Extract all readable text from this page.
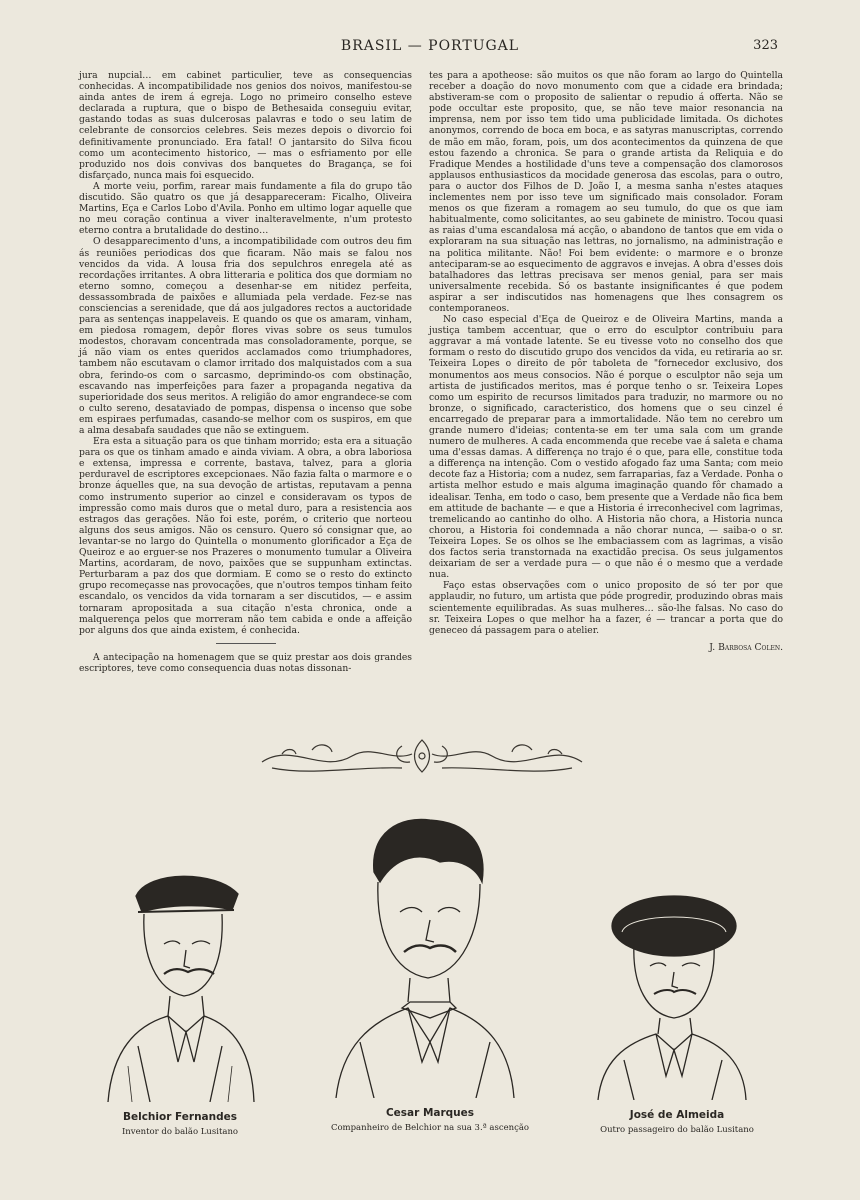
BRASIL — PORTUGAL	323

jura nupcial… em cabinet particulier, teve as consequencias conhecidas. A incompatibilidade nos genios dos noivos, manifestou-se ainda antes de irem á egreja. Logo no primeiro conselho esteve declarada a ruptura, que o bispo de Bethesaida conseguiu evitar, gastando todas as suas dulcerosas palavras e todo o seu latim de celebrante de consorcios celebres. Seis mezes depois o divorcio foi definitivamente pronunciado. Era fatal! O jantarsito do Silva ficou como um acontecimento historico, — mas o esfriamento por elle produzido nos dois convivas dos banquetes do Bragança, se foi disfarçado, nunca mais foi esquecido.

A morte veiu, porfim, rarear mais fundamente a fila do grupo tão discutido. São quatro os que já desappareceram: Ficalho, Oliveira Martins, Eça e Carlos Lobo d'Avila. Ponho em ultimo logar aquelle que no meu coração continua a viver inalteravelmente, n'um protesto eterno contra a brutalidade do destino…

O desapparecimento d'uns, a incompatibilidade com outros deu fim ás reuniões periodicas dos que ficaram. Não mais se falou nos vencidos da vida. A lousa fria dos sepulchros enregela até as recordações irritantes. A obra litteraria e politica dos que dormiam no eterno somno, começou a desenhar-se em nitidez perfeita, dessassombrada de paixões e allumiada pela verdade. Fez-se nas consciencias a serenidade, que dá aos julgadores rectos a auctoridade para as sentenças inappelaveis. E quando os que os amaram, vinham, em piedosa romagem, depôr flores vivas sobre os seus tumulos modestos, choravam concentrada mas consoladoramente, porque, se já não viam os entes queridos acclamados como triumphadores, tambem não escutavam o clamor irritado dos malquistados com a sua obra, ferindo-os com o sarcasmo, deprimindo-os com obstinação, escavando nas imperfeições para fazer a propaganda negativa da superioridade dos seus meritos. A religião do amor engrandece-se com o culto sereno, desataviado de pompas, dispensa o incenso que sobe em espiraes perfumadas, casando-se melhor com os suspiros, em que a alma desabafa saudades que não se extinguem.

Era esta a situação para os que tinham morrido; esta era a situação para os que os tinham amado e ainda viviam. A obra, a obra laboriosa e extensa, impressa e corrente, bastava, talvez, para a gloria perduravel de escriptores excepcionaes. Não fazia falta o marmore e o bronze áquelles que, na sua devoção de artistas, reputavam a penna como instrumento superior ao cinzel e consideravam os typos de impressão como mais duros que o metal duro, para a resistencia aos estragos das gerações. Não foi este, porém, o criterio que norteou alguns dos seus amigos. Não os censuro. Quero só consignar que, ao levantar-se no largo do Quintella o monumento glorificador a Eça de Queiroz e ao erguer-se nos Prazeres o monumento tumular a Oliveira Martins, acordaram, de novo, paixões que se suppunham extinctas. Perturbaram a paz dos que dormiam. E como se o resto do extincto grupo recomeçasse nas provocações, que n'outros tempos tinham feito escandalo, os vencidos da vida tornaram a ser discutidos, — e assim tornaram apropositada a sua citação n'esta chronica, onde a malquerença pelos que morreram não tem cabida e onde a affeição por alguns dos que ainda existem, é conhecida.

A antecipação na homenagem que se quiz prestar aos dois grandes escriptores, teve como consequencia duas notas dissonan-

tes para a apotheose: são muitos os que não foram ao largo do Quintella receber a doação do novo monumento com que a cidade era brindada; abstiveram-se com o proposito de salientar o repudio á offerta. Não se pode occultar este proposito, que, se não teve maior resonancia na imprensa, nem por isso tem tido uma publicidade limitada. Os dichotes anonymos, correndo de boca em boca, e as satyras manuscriptas, correndo de mão em mão, foram, pois, um dos acontecimentos da quinzena de que estou fazendo a chronica. Se para o grande artista da Reliquia e do Fradique Mendes a hostilidade d'uns teve a compensação dos clamorosos applausos enthusiasticos da mocidade generosa das escolas, para o outro, para o auctor dos Filhos de D. João I, a mesma sanha n'estes ataques inclementes nem por isso teve um significado mais consolador. Foram menos os que fizeram a romagem ao seu tumulo, do que os que iam habitualmente, como solicitantes, ao seu gabinete de ministro. Tocou quasi as raias d'uma escandalosa má acção, o abandono de tantos que em vida o exploraram na sua situação nas lettras, no jornalismo, na administração e na politica militante. Não! Foi bem evidente: o marmore e o bronze anteciparam-se ao esquecimento de aggravos e invejas. A obra d'esses dois batalhadores das lettras precisava ser menos genial, para ser mais universalmente recebida. Só os bastante insignificantes é que podem aspirar a ser indiscutidos nas homenagens que lhes consagrem os contemporaneos.

No caso especial d'Eça de Queiroz e de Oliveira Martins, manda a justiça tambem accentuar, que o erro do esculptor contribuiu para aggravar a má vontade latente. Se eu tivesse voto no conselho dos que formam o resto do discutido grupo dos vencidos da vida, eu retiraria ao sr. Teixeira Lopes o direito de pôr taboleta de "fornecedor exclusivo, dos monumentos aos meus consocios. Não é porque o esculptor não seja um artista de justificados meritos, mas é porque tenho o sr. Teixeira Lopes como um espirito de recursos limitados para traduzir, no marmore ou no bronze, o significado, caracteristico, dos homens que o seu cinzel é encarregado de preparar para a immortalidade. Não tem no cerebro um grande numero d'ideias; contenta-se em ter uma sala com um grande numero de mulheres. A cada encommenda que recebe vae á saleta e chama uma d'essas damas. A differença no trajo é o que, para elle, constitue toda a differença na intenção. Com o vestido afogado faz uma Santa; com meio decote faz a Historia; com a nudez, sem farraparias, faz a Verdade. Ponha o artista melhor estudo e mais alguma imaginação quando fôr chamado a idealisar. Tenha, em todo o caso, bem presente que a Verdade não fica bem em attitude de bachante — e que a Historia é irreconhecivel com lagrimas, tremelicando ao cantinho do olho. A Historia não chora, a Historia nunca chorou, a Historia foi condemnada a não chorar nunca, — saiba-o o sr. Teixeira Lopes. Se os olhos se lhe embaciassem com as lagrimas, a visão dos factos seria transtornada na exactidão precisa. Os seus julgamentos deixariam de ser a verdade pura — o que não é o mesmo que a verdade nua.

Faço estas observações com o unico proposito de só ter por que applaudir, no futuro, um artista que póde progredir, produzindo obras mais scientemente equilibradas. As suas mulheres… são-lhe falsas. No caso do sr. Teixeira Lopes o que melhor ha a fazer, é — trancar a porta que do geneceo dá passagem para o atelier.

J. Barbosa Colen.
Belchior Fernandes
Inventor do balão Lusitano
Cesar Marques
Companheiro de Belchior na sua 3.ª ascenção
José de Almeida
Outro passageiro do balão Lusitano
